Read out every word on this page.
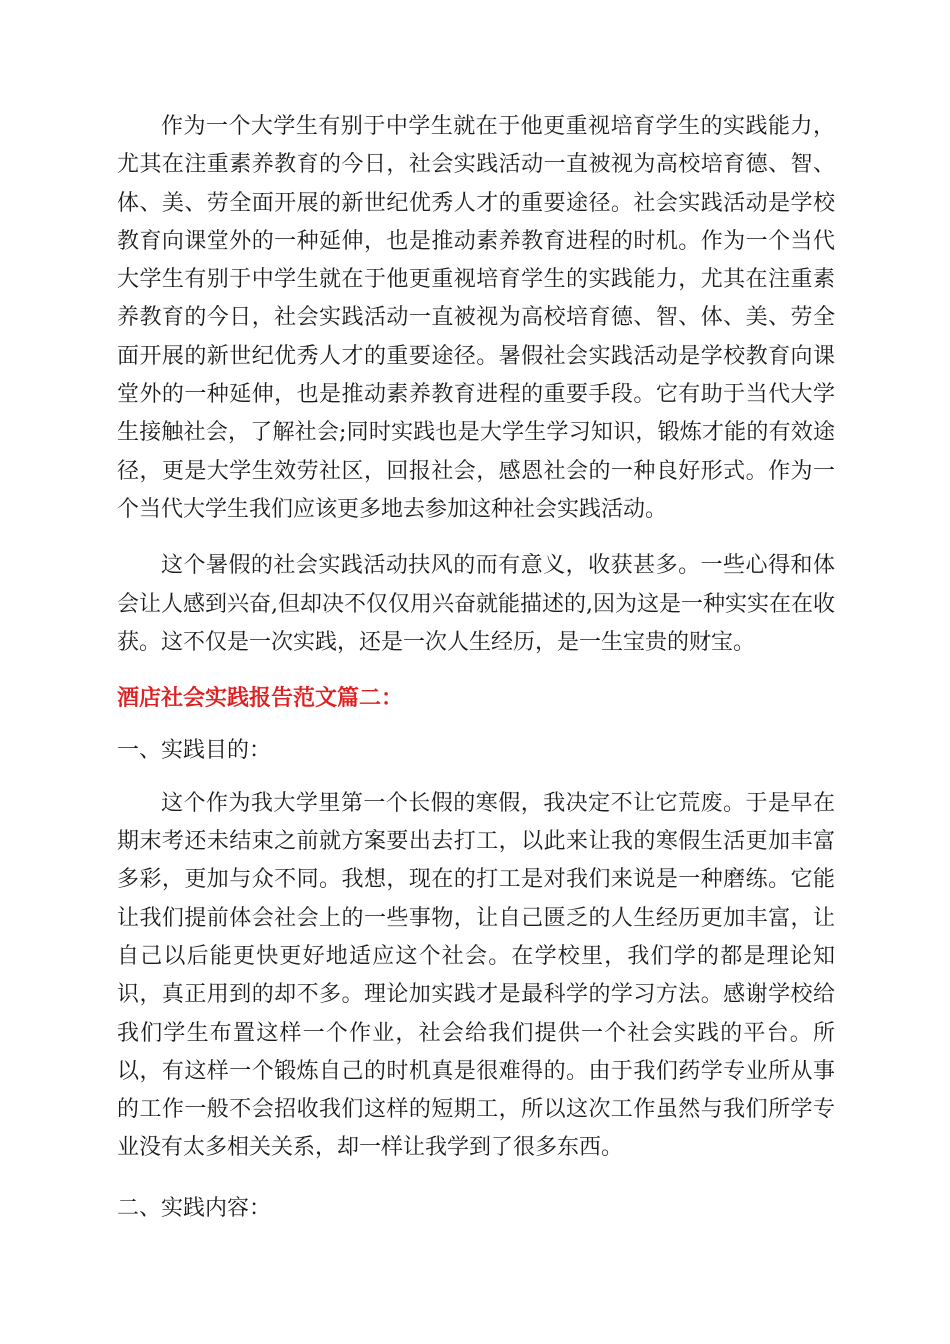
作为一个大学生有别于中学生就在于他更重视培育学生的实践能力，尤其在注重素养教育的今日，社会实践活动一直被视为高校培育德、智、体、美、劳全面开展的新世纪优秀人才的重要途径。社会实践活动是学校教育向课堂外的一种延伸，也是推动素养教育进程的时机。作为一个当代大学生有别于中学生就在于他更重视培育学生的实践能力，尤其在注重素养教育的今日，社会实践活动一直被视为高校培育德、智、体、美、劳全面开展的新世纪优秀人才的重要途径。暑假社会实践活动是学校教育向课堂外的一种延伸，也是推动素养教育进程的重要手段。它有助于当代大学生接触社会，了解社会;同时实践也是大学生学习知识，锻炼才能的有效途径，更是大学生效劳社区，回报社会，感恩社会的一种良好形式。作为一个当代大学生我们应该更多地去参加这种社会实践活动。

这个暑假的社会实践活动扶风的而有意义，收获甚多。一些心得和体会让人感到兴奋,但却决不仅仅用兴奋就能描述的,因为这是一种实实在在收获。这不仅是一次实践，还是一次人生经历，是一生宝贵的财宝。

酒店社会实践报告范文篇二：

一、实践目的：

这个作为我大学里第一个长假的寒假，我决定不让它荒废。于是早在期末考还未结束之前就方案要出去打工，以此来让我的寒假生活更加丰富多彩，更加与众不同。我想，现在的打工是对我们来说是一种磨练。它能让我们提前体会社会上的一些事物，让自己匮乏的人生经历更加丰富，让自己以后能更快更好地适应这个社会。在学校里，我们学的都是理论知识，真正用到的却不多。理论加实践才是最科学的学习方法。感谢学校给我们学生布置这样一个作业，社会给我们提供一个社会实践的平台。所以，有这样一个锻炼自己的时机真是很难得的。由于我们药学专业所从事的工作一般不会招收我们这样的短期工，所以这次工作虽然与我们所学专业没有太多相关关系，却一样让我学到了很多东西。

二、实践内容：
